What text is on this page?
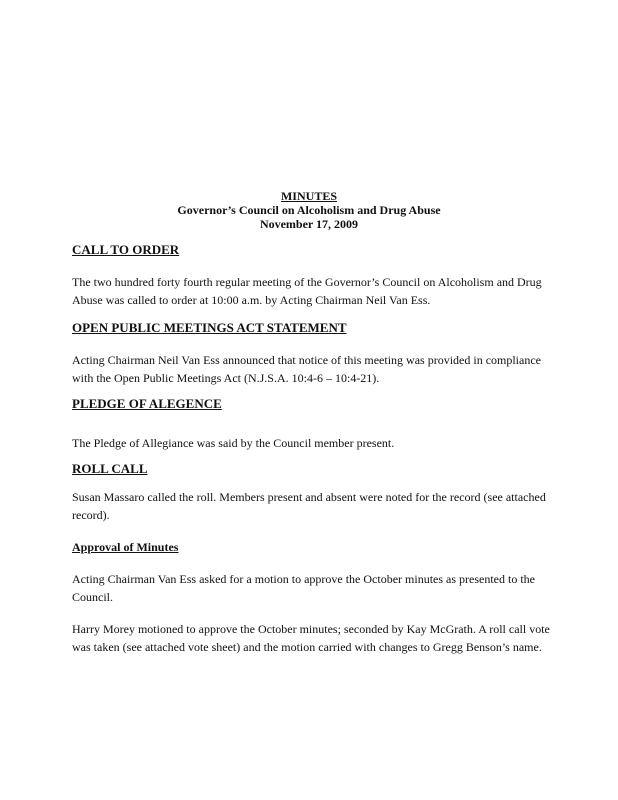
MINUTES
Governor’s Council on Alcoholism and Drug Abuse
November 17, 2009
CALL TO ORDER

The two hundred forty fourth regular meeting of the Governor’s Council on Alcoholism and Drug Abuse was called to order at 10:00 a.m. by Acting Chairman Neil Van Ess.

OPEN PUBLIC MEETINGS ACT STATEMENT

Acting Chairman Neil Van Ess announced that notice of this meeting was provided in compliance with the Open Public Meetings Act (N.J.S.A. 10:4-6 – 10:4-21).

PLEDGE OF ALEGENCE

The Pledge of Allegiance was said by the Council member present.

ROLL CALL

Susan Massaro called the roll. Members present and absent were noted for the record (see attached record).

Approval of Minutes

Acting Chairman Van Ess asked for a motion to approve the October minutes as presented to the Council.

Harry Morey motioned to approve the October minutes; seconded by Kay McGrath. A roll call vote was taken (see attached vote sheet) and the motion carried with changes to Gregg Benson’s name.
